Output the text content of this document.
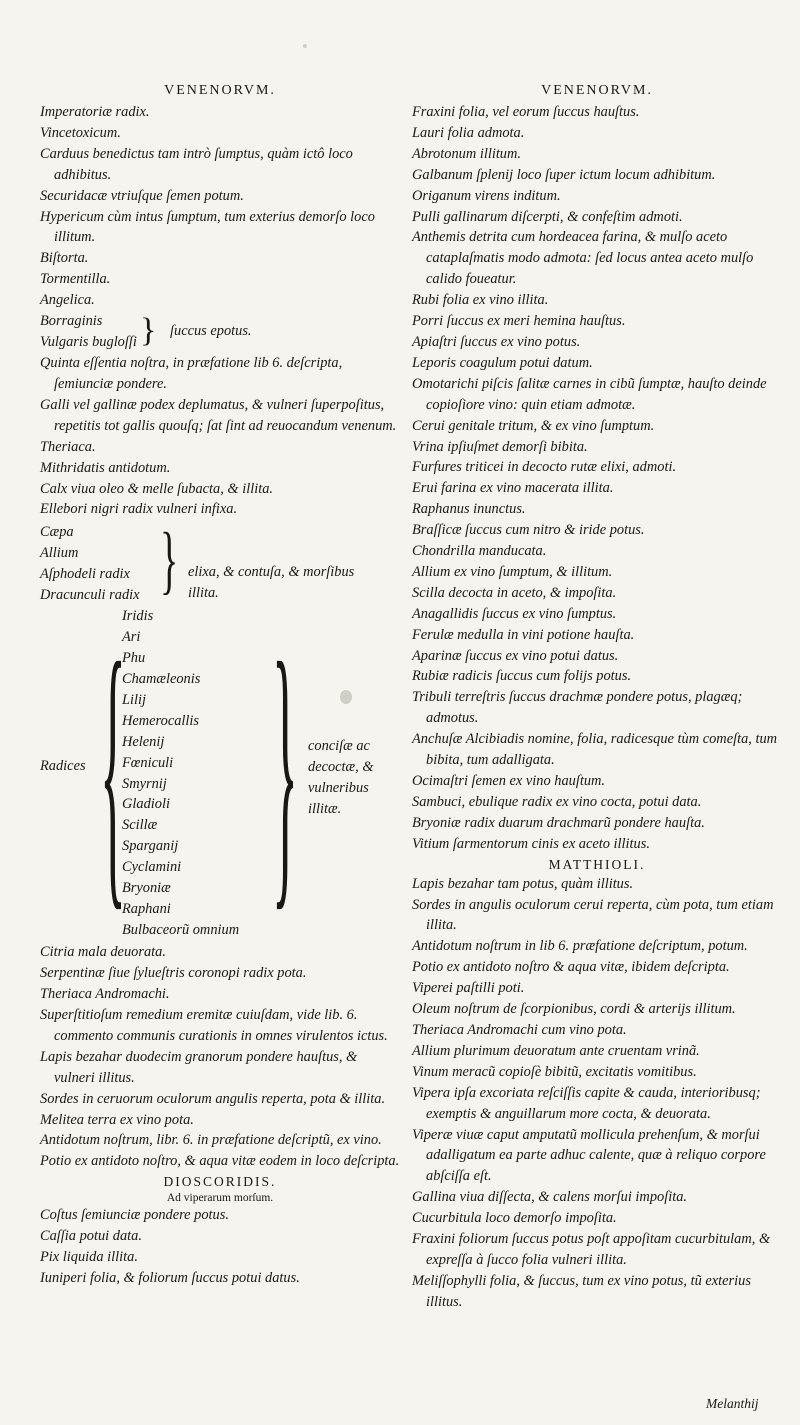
VENENORVM.
Imperatoriæ radix.
Vincetoxicum.
Carduus benedictus tam intrò ſumptus, quàm ictô loco adhibitus.
Securidacæ vtriuſque ſemen potum.
Hypericum cùm intus ſumptum, tum exterius demorſo loco illitum.
Biſtorta.
Tormentilla.
Angelica.
Borraginis
Vulgaris bugloſſi } ſuccus epotus.
Quinta eſſentia noſtra, in præfatione lib 6. deſcripta, ſemiunciæ pondere.
Galli vel gallinæ podex deplumatus, & vulneri ſuperpoſitus, repetitis tot gallis quouſq; ſat ſint ad reuocandum venenum.
Theriaca.
Mithridatis antidotum.
Calx viua oleo & melle ſubacta, & illita.
Ellebori nigri radix vulneri infixa.
Cæpa
Allium
Aſphodeli radix
Dracunculi radix } elixa, & contuſa, & morſibus illita.
Radices {
Iridis
Ari
Phu
Chamæleonis
Lilij
Hemerocallis
Helenij
Fœniculi
Smyrnij
Gladioli
Scillæ
Sparganij
Cyclamini
Bryoniæ
Raphani
Bulbaceorũ omnium } conciſæ ac decoctæ, & vulneribus illitæ.
Citria mala deuorata.
Serpentinæ ſiue ſylueſtris coronopi radix pota.
Theriaca Andromachi.
Superſtitioſum remedium eremitæ cuiuſdam, vide lib. 6. commento communis curationis in omnes virulentos ictus.
Lapis bezahar duodecim granorum pondere hauſtus, & vulneri illitus.
Sordes in ceruorum oculorum angulis reperta, pota & illita.
Melitea terra ex vino pota.
Antidotum noſtrum, libr. 6. in præfatione deſcriptũ, ex vino.
Potio ex antidoto noſtro, & aqua vitæ eodem in loco deſcripta.
DIOSCORIDIS.
Ad viperarum morſum.
Coſtus ſemiunciæ pondere potus.
Caſſia potui data.
Pix liquida illita.
Iuniperi folia, & foliorum ſuccus potui datus.
VENENORVM.
Fraxini folia, vel eorum ſuccus hauſtus.
Lauri folia admota.
Abrotonum illitum.
Galbanum ſplenij loco ſuper ictum locum adhibitum.
Origanum virens inditum.
Pulli gallinarum diſcerpti, & confeſtim admoti.
Anthemis detrita cum hordeacea farina, & mulſo aceto cataplaſmatis modo admota: ſed locus antea aceto mulſo calido foueatur.
Rubi folia ex vino illita.
Porri ſuccus ex meri hemina hauſtus.
Apiaſtri ſuccus ex vino potus.
Leporis coagulum potui datum.
Omotarichi piſcis ſalitæ carnes in cibũ ſumptæ, hauſto deinde copioſiore vino: quin etiam admotæ.
Cerui genitale tritum, & ex vino ſumptum.
Vrina ipſiuſmet demorſi bibita.
Furfures triticei in decocto rutæ elixi, admoti.
Erui farina ex vino macerata illita.
Raphanus inunctus.
Braſſicæ ſuccus cum nitro & iride potus.
Chondrilla manducata.
Allium ex vino ſumptum, & illitum.
Scilla decocta in aceto, & impoſita.
Anagallidis ſuccus ex vino ſumptus.
Ferulæ medulla in vini potione hauſta.
Aparinæ ſuccus ex vino potui datus.
Rubiæ radicis ſuccus cum folijs potus.
Tribuli terreſtris ſuccus drachmæ pondere potus, plagæq; admotus.
Anchuſæ Alcibiadis nomine, folia, radicesque tùm comeſta, tum bibita, tum adalligata.
Ocimaſtri ſemen ex vino hauſtum.
Sambuci, ebulique radix ex vino cocta, potui data.
Bryoniæ radix duarum drachmarũ pondere hauſta.
Vitium ſarmentorum cinis ex aceto illitus.
MATTHIOLI.
Lapis bezahar tam potus, quàm illitus.
Sordes in angulis oculorum cerui reperta, cùm pota, tum etiam illita.
Antidotum noſtrum in lib 6. præfatione deſcriptum, potum.
Potio ex antidoto noſtro & aqua vitæ, ibidem deſcripta.
Viperei paſtilli poti.
Oleum noſtrum de ſcorpionibus, cordi & arterijs illitum.
Theriaca Andromachi cum vino pota.
Allium plurimum deuoratum ante cruentam vrinã.
Vinum meracũ copioſè bibitũ, excitatis vomitibus.
Vipera ipſa excoriata reſciſſis capite & cauda, interioribusq; exemptis & anguillarum more cocta, & deuorata.
Viperæ viuæ caput amputatũ mollicula prehenſum, & morſui adalligatum ea parte adhuc calente, quæ à reliquo corpore abſciſſa eſt.
Gallina viua diſſecta, & calens morſui impoſita.
Cucurbitula loco demorſo impoſita.
Fraxini foliorum ſuccus potus poſt appoſitam cucurbitulam, & expreſſa à ſucco folia vulneri illita.
Meliſſophylli folia, & ſuccus, tum ex vino potus, tũ exterius illitus.
Melanthij
